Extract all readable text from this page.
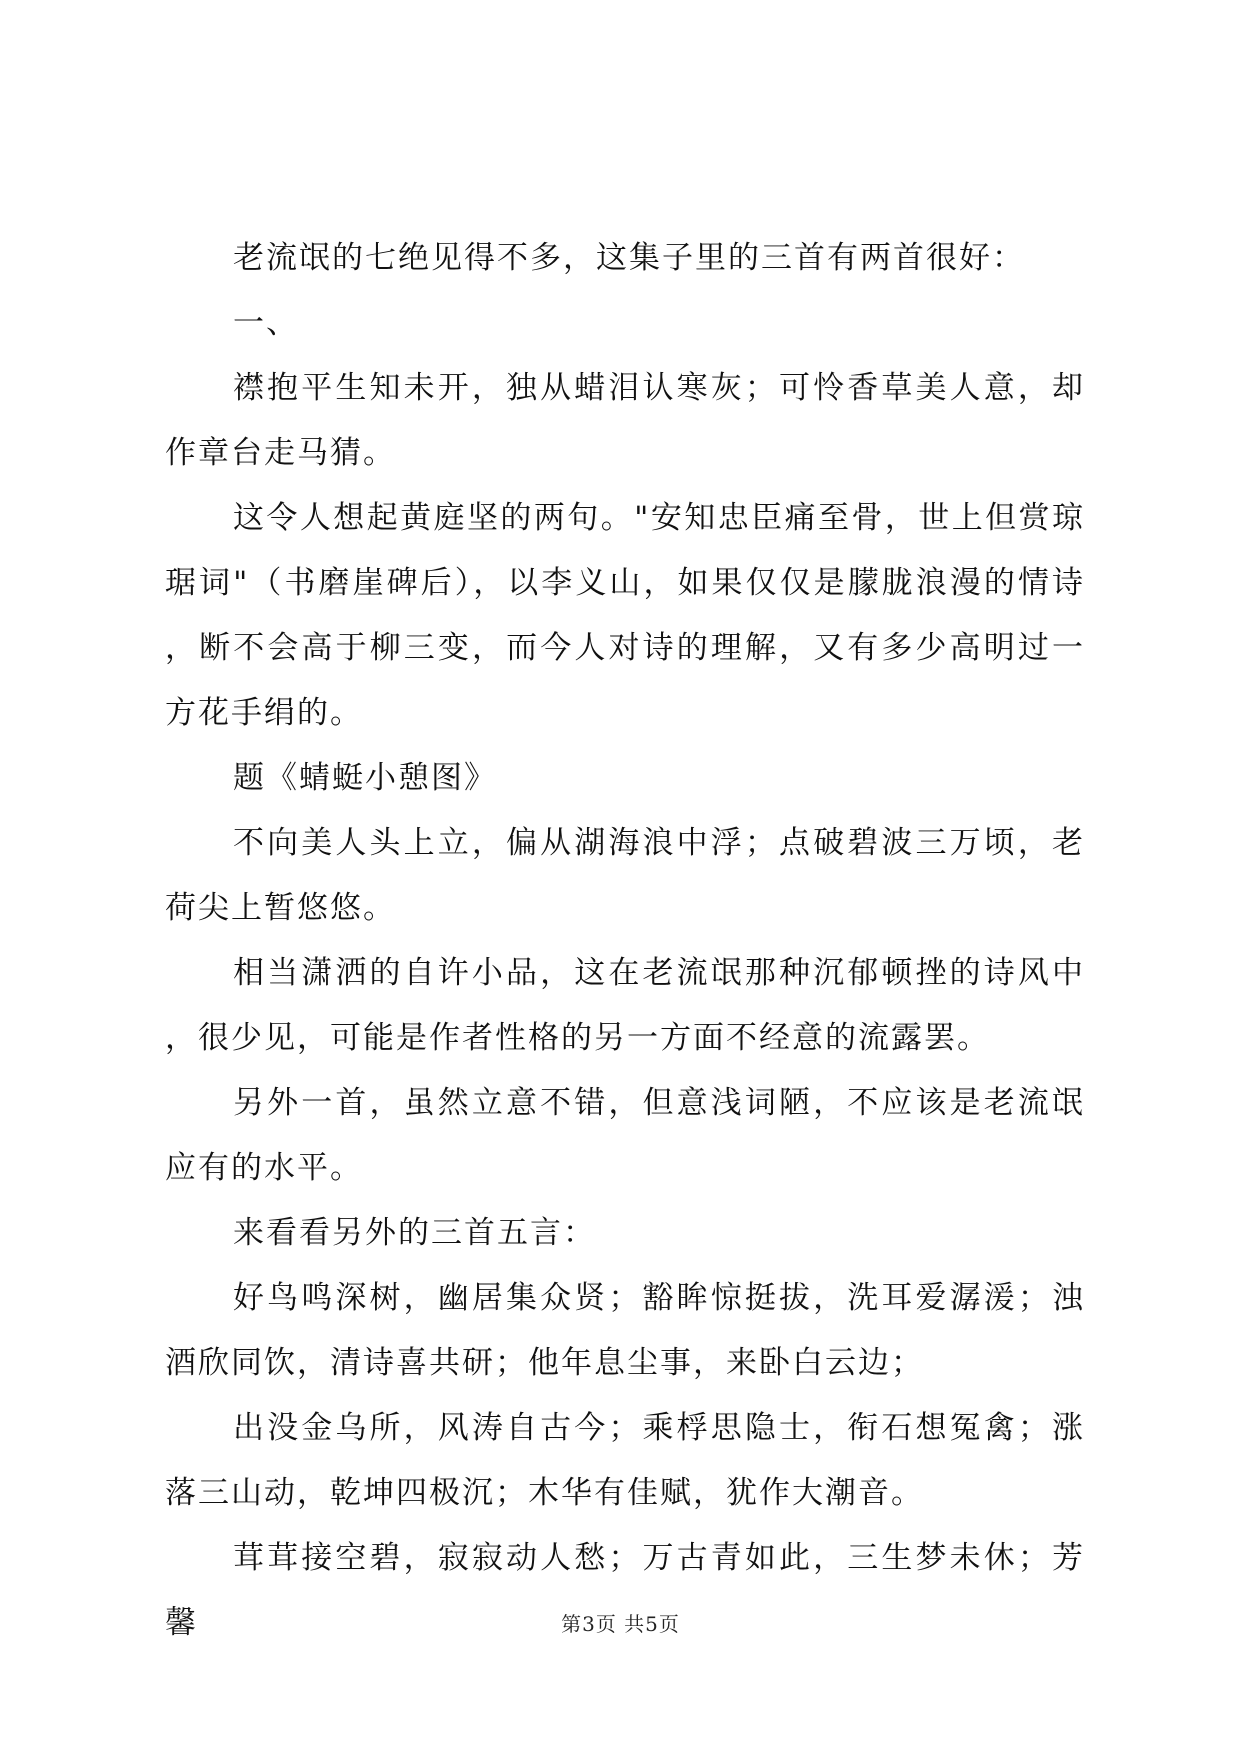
老流氓的七绝见得不多，这集子里的三首有两首很好：

一、

襟抱平生知未开，独从蜡泪认寒灰；可怜香草美人意，却作章台走马猜。

这令人想起黄庭坚的两句。"安知忠臣痛至骨，世上但赏琼琚词"（书磨崖碑后），以李义山，如果仅仅是朦胧浪漫的情诗，断不会高于柳三变，而今人对诗的理解，又有多少高明过一方花手绢的。

题《蜻蜓小憩图》

不向美人头上立，偏从湖海浪中浮；点破碧波三万顷，老荷尖上暂悠悠。

相当潇洒的自许小品，这在老流氓那种沉郁顿挫的诗风中，很少见，可能是作者性格的另一方面不经意的流露罢。

另外一首，虽然立意不错，但意浅词陋，不应该是老流氓应有的水平。

来看看另外的三首五言：

好鸟鸣深树，幽居集众贤；豁眸惊挺拔，洗耳爱潺湲；浊酒欣同饮，清诗喜共研；他年息尘事，来卧白云边；

出没金乌所，风涛自古今；乘桴思隐士，衔石想冤禽；涨落三山动，乾坤四极沉；木华有佳赋，犹作大潮音。

茸茸接空碧，寂寂动人愁；万古青如此，三生梦未休；芳馨	第3页 共5页
